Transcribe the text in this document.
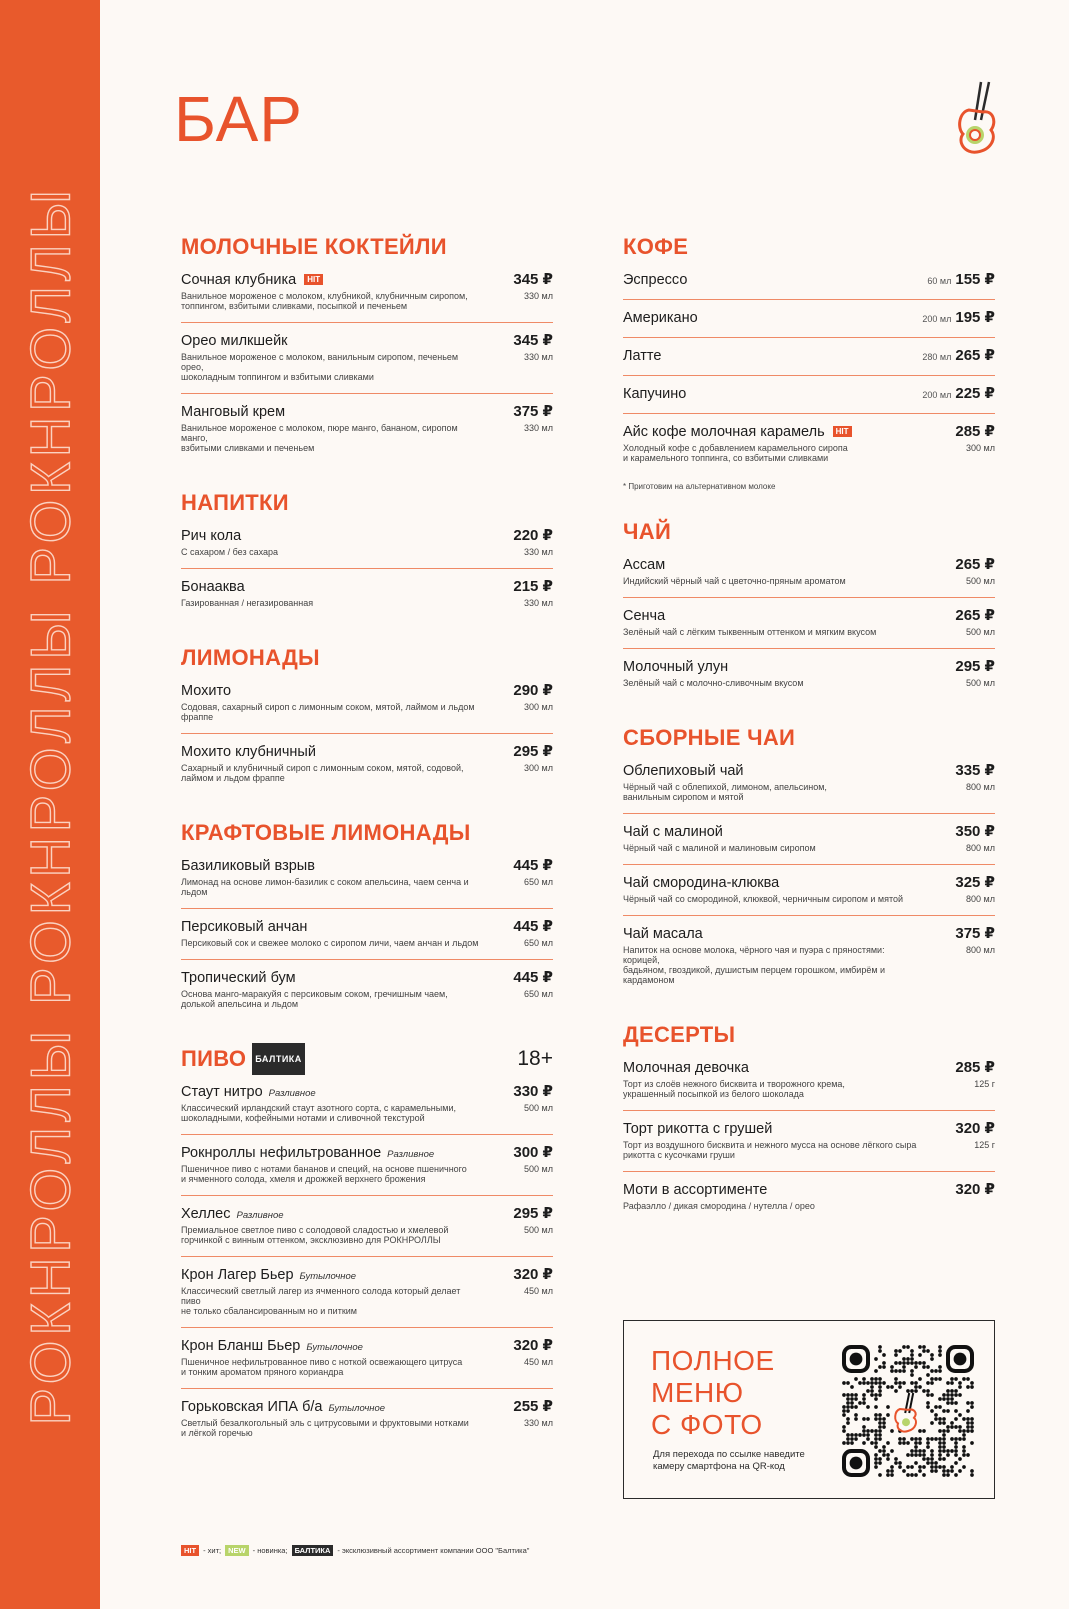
РОКНРОЛЛЫ РОКНРОЛЛЫ РОКНРОЛЛЫ
БАР
МОЛОЧНЫЕ КОКТЕЙЛИ
Сочная клубника HIT	345 ₽
Ванильное мороженое с молоком, клубникой, клубничным сиропом,
топпингом, взбитыми сливками, посыпкой и печеньем
330 мл
Орео милкшейк	345 ₽
Ванильное мороженое с молоком, ванильным сиропом, печеньем орео,
шоколадным топпингом и взбитыми сливками
330 мл
Манговый крем	375 ₽
Ванильное мороженое с молоком, пюре манго, бананом, сиропом манго,
взбитыми сливками и печеньем
330 мл
НАПИТКИ
Рич кола	220 ₽
С сахаром / без сахара	330 мл
Бонааква	215 ₽
Газированная / негазированная	330 мл
ЛИМОНАДЫ
Мохито	290 ₽
Содовая, сахарный сироп с лимонным соком, мятой, лаймом и льдом фраппе
300 мл
Мохито клубничный	295 ₽
Сахарный и клубничный сироп с лимонным соком, мятой, содовой,
лаймом и льдом фраппе
300 мл
КРАФТОВЫЕ ЛИМОНАДЫ
Базиликовый взрыв	445 ₽
Лимонад на основе лимон-базилик с соком апельсина, чаем сенча и льдом
650 мл
Персиковый анчан	445 ₽
Персиковый сок и свежее молоко с сиропом личи, чаем анчан и льдом	650 мл
Тропический бум	445 ₽
Основа манго-маракуйя с персиковым соком, гречишным чаем,
долькой апельсина и льдом
650 мл
ПИВО	БАЛТИКА	18+
Стаут нитро Разливное	330 ₽
Классический ирландский стаут азотного сорта, с карамельными,
шоколадными, кофейными нотами и сливочной текстурой
500 мл
Рокнроллы нефильтрованное Разливное	300 ₽
Пшеничное пиво с нотами бананов и специй, на основе пшеничного
и ячменного солода, хмеля и дрожжей верхнего брожения
500 мл
Хеллес Разливное	295 ₽
Премиальное светлое пиво с солодовой сладостью и хмелевой
горчинкой с винным оттенком, эксклюзивно для РОКНРОЛЛЫ
500 мл
Крон Лагер Бьер Бутылочное	320 ₽
Классический светлый лагер из ячменного солода который делает пиво
не только сбалансированным но и питким
450 мл
Крон Бланш Бьер Бутылочное	320 ₽
Пшеничное нефильтрованное пиво с ноткой освежающего цитруса
и тонким ароматом пряного кориандра
450 мл
Горьковская ИПА б/а Бутылочное	255 ₽
Светлый безалкогольный эль с цитрусовыми и фруктовыми нотками
и лёгкой горечью
330 мл
КОФЕ
Эспрессо	60 мл 155 ₽
Американо	200 мл 195 ₽
Латте	280 мл 265 ₽
Капучино	200 мл 225 ₽
Айс кофе молочная карамель HIT	285 ₽
Холодный кофе с добавлением карамельного сиропа
и карамельного топпинга, со взбитыми сливками
300 мл
* Приготовим на альтернативном молоке
ЧАЙ
Ассам	265 ₽
Индийский чёрный чай с цветочно-пряным ароматом	500 мл
Сенча	265 ₽
Зелёный чай с лёгким тыквенным оттенком и мягким вкусом	500 мл
Молочный улун	295 ₽
Зелёный чай с молочно-сливочным вкусом	500 мл
СБОРНЫЕ ЧАИ
Облепиховый чай	335 ₽
Чёрный чай с облепихой, лимоном, апельсином,
ванильным сиропом и мятой
800 мл
Чай с малиной	350 ₽
Чёрный чай с малиной и малиновым сиропом	800 мл
Чай смородина-клюква	325 ₽
Чёрный чай со смородиной, клюквой, черничным сиропом и мятой	800 мл
Чай масала	375 ₽
Напиток на основе молока, чёрного чая и пуэра с пряностями: корицей,
бадьяном, гвоздикой, душистым перцем горошком, имбирём и кардамоном
800 мл
ДЕСЕРТЫ
Молочная девочка	285 ₽
Торт из слоёв нежного бисквита и творожного крема,
украшенный посыпкой из белого шоколада
125 г
Торт рикотта с грушей	320 ₽
Торт из воздушного бисквита и нежного мусса на основе лёгкого сыра
рикотта с кусочками груши
125 г
Моти в ассортименте	320 ₽
Рафаэлло / дикая смородина / нутелла / орео
ПОЛНОЕ
МЕНЮ
С ФОТО
Для перехода по ссылке наведите
камеру смартфона на QR-код
HIT - хит; NEW - новинка; БАЛТИКА - эксклюзивный ассортимент компании ООО "Балтика"
